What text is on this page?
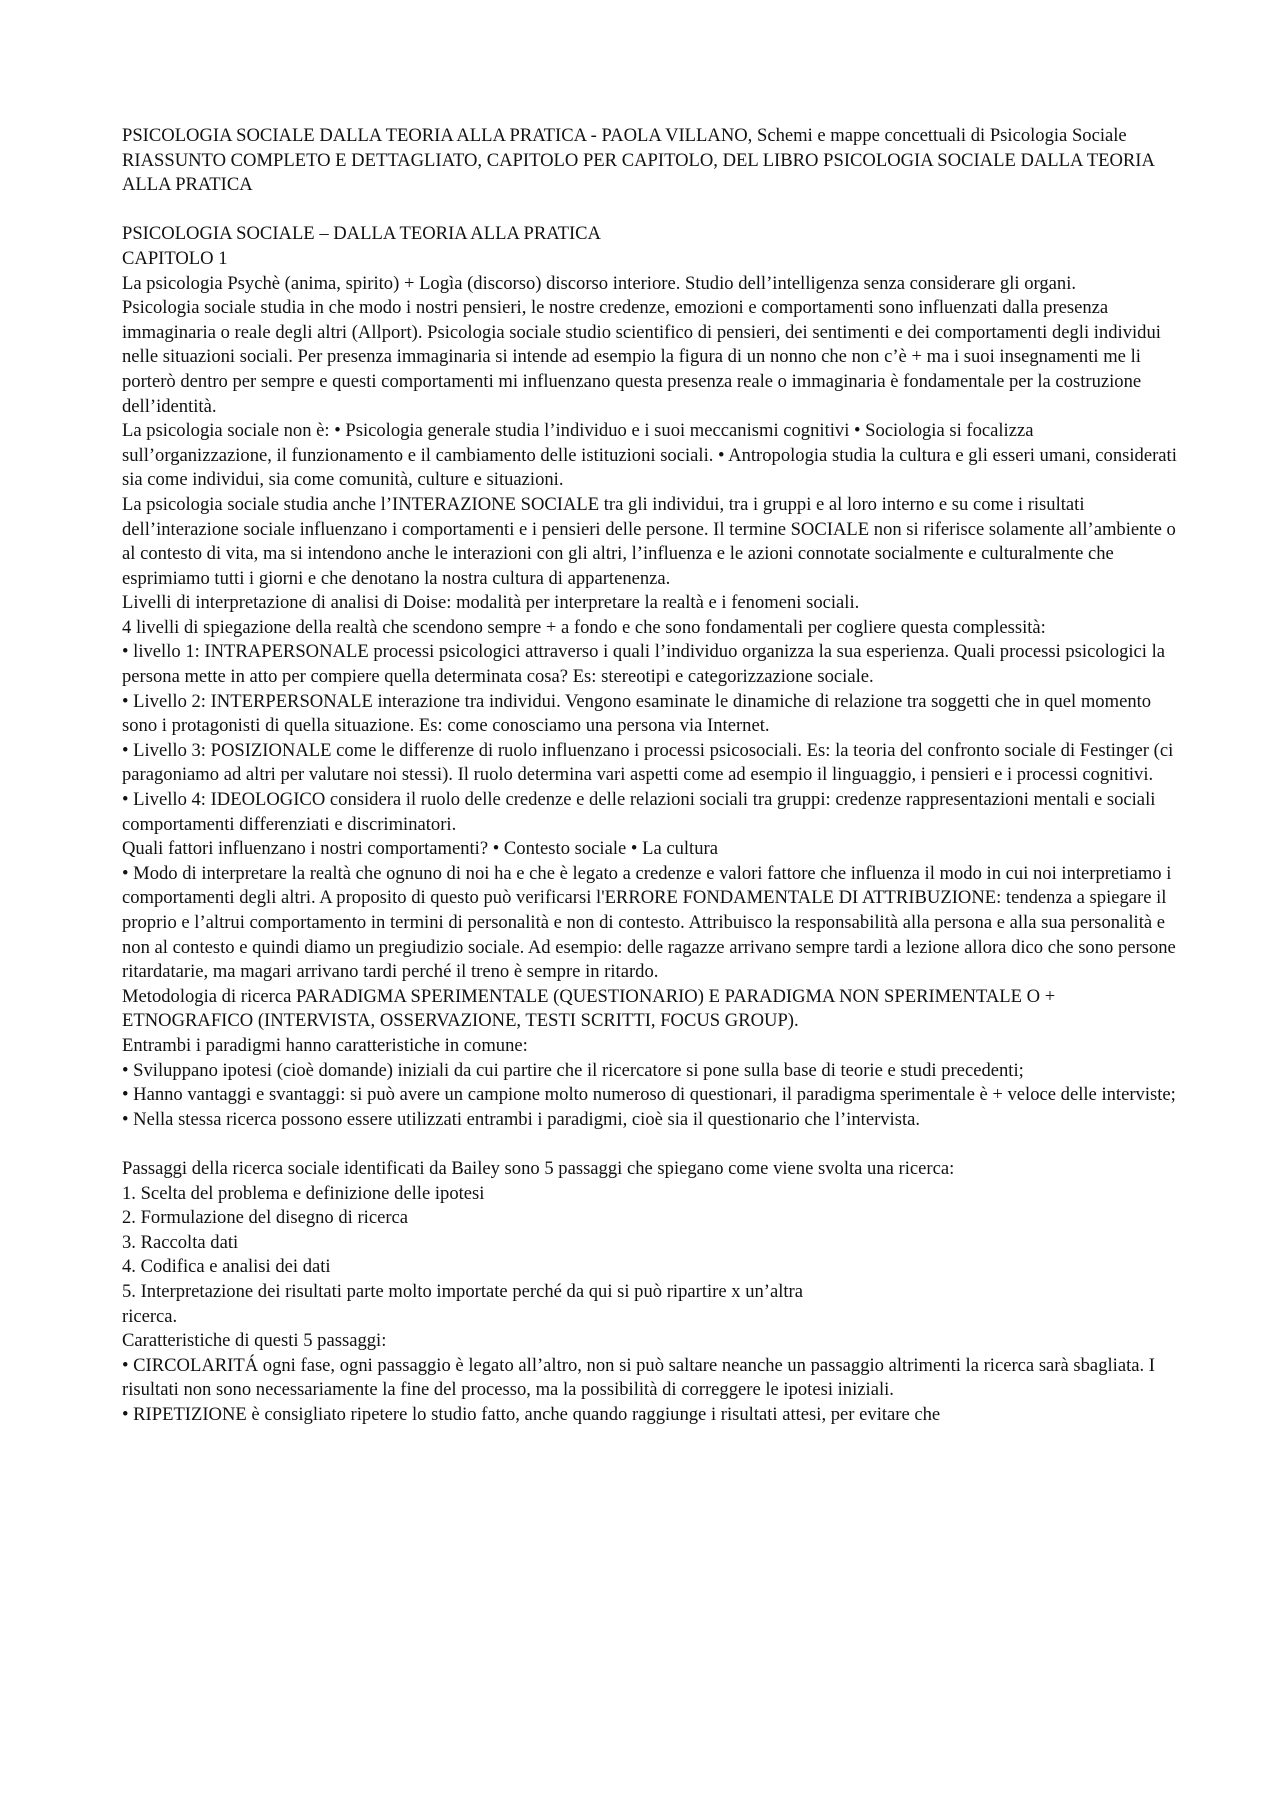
PSICOLOGIA SOCIALE DALLA TEORIA ALLA PRATICA - PAOLA VILLANO, Schemi e mappe concettuali di Psicologia Sociale

RIASSUNTO COMPLETO E DETTAGLIATO, CAPITOLO PER CAPITOLO, DEL LIBRO PSICOLOGIA SOCIALE DALLA TEORIA ALLA PRATICA

PSICOLOGIA SOCIALE – DALLA TEORIA ALLA PRATICA

CAPITOLO 1

La psicologia Psychè (anima, spirito) + Logìa (discorso) discorso interiore. Studio dell’intelligenza senza considerare gli organi.

Psicologia sociale studia in che modo i nostri pensieri, le nostre credenze, emozioni e comportamenti sono influenzati dalla presenza immaginaria o reale degli altri (Allport). Psicologia sociale studio scientifico di pensieri, dei sentimenti e dei comportamenti degli individui nelle situazioni sociali. Per presenza immaginaria si intende ad esempio la figura di un nonno che non c’è + ma i suoi insegnamenti me li porterò dentro per sempre e questi comportamenti mi influenzano questa presenza reale o immaginaria è fondamentale per la costruzione dell’identità.

La psicologia sociale non è: • Psicologia generale studia l’individuo e i suoi meccanismi cognitivi • Sociologia si focalizza sull’organizzazione, il funzionamento e il cambiamento delle istituzioni sociali. • Antropologia studia la cultura e gli esseri umani, considerati sia come individui, sia come comunità, culture e situazioni.

La psicologia sociale studia anche l’INTERAZIONE SOCIALE tra gli individui, tra i gruppi e al loro interno e su come i risultati dell’interazione sociale influenzano i comportamenti e i pensieri delle persone. Il termine SOCIALE non si riferisce solamente all’ambiente o al contesto di vita, ma si intendono anche le interazioni con gli altri, l’influenza e le azioni connotate socialmente e culturalmente che esprimiamo tutti i giorni e che denotano la nostra cultura di appartenenza.

Livelli di interpretazione di analisi di Doise: modalità per interpretare la realtà e i fenomeni sociali.

4 livelli di spiegazione della realtà che scendono sempre + a fondo e che sono fondamentali per cogliere questa complessità:

• livello 1: INTRAPERSONALE processi psicologici attraverso i quali l’individuo organizza la sua esperienza. Quali processi psicologici la persona mette in atto per compiere quella determinata cosa? Es: stereotipi e categorizzazione sociale.

• Livello 2: INTERPERSONALE interazione tra individui. Vengono esaminate le dinamiche di relazione tra soggetti che in quel momento sono i protagonisti di quella situazione. Es: come conosciamo una persona via Internet.

• Livello 3: POSIZIONALE come le differenze di ruolo influenzano i processi psicosociali. Es: la teoria del confronto sociale di Festinger (ci paragoniamo ad altri per valutare noi stessi). Il ruolo determina vari aspetti come ad esempio il linguaggio, i pensieri e i processi cognitivi.

• Livello 4: IDEOLOGICO considera il ruolo delle credenze e delle relazioni sociali tra gruppi: credenze rappresentazioni mentali e sociali comportamenti differenziati e discriminatori.

Quali fattori influenzano i nostri comportamenti? • Contesto sociale • La cultura

• Modo di interpretare la realtà che ognuno di noi ha e che è legato a credenze e valori fattore che influenza il modo in cui noi interpretiamo i comportamenti degli altri. A proposito di questo può verificarsi l'ERRORE FONDAMENTALE DI ATTRIBUZIONE: tendenza a spiegare il proprio e l’altrui comportamento in termini di personalità e non di contesto. Attribuisco la responsabilità alla persona e alla sua personalità e non al contesto e quindi diamo un pregiudizio sociale. Ad esempio: delle ragazze arrivano sempre tardi a lezione allora dico che sono persone ritardatarie, ma magari arrivano tardi perché il treno è sempre in ritardo.

Metodologia di ricerca PARADIGMA SPERIMENTALE (QUESTIONARIO) E PARADIGMA NON SPERIMENTALE O + ETNOGRAFICO (INTERVISTA, OSSERVAZIONE, TESTI SCRITTI, FOCUS GROUP).

Entrambi i paradigmi hanno caratteristiche in comune:

• Sviluppano ipotesi (cioè domande) iniziali da cui partire che il ricercatore si pone sulla base di teorie e studi precedenti;

• Hanno vantaggi e svantaggi: si può avere un campione molto numeroso di questionari, il paradigma sperimentale è + veloce delle interviste;

• Nella stessa ricerca possono essere utilizzati entrambi i paradigmi, cioè sia il questionario che l’intervista.

Passaggi della ricerca sociale identificati da Bailey sono 5 passaggi che spiegano come viene svolta una ricerca:

1. Scelta del problema e definizione delle ipotesi

2. Formulazione del disegno di ricerca

3. Raccolta dati

4. Codifica e analisi dei dati

5. Interpretazione dei risultati parte molto importate perché da qui si può ripartire x un’altra

ricerca.

Caratteristiche di questi 5 passaggi:

• CIRCOLARITÁ ogni fase, ogni passaggio è legato all’altro, non si può saltare neanche un passaggio altrimenti la ricerca sarà sbagliata. I risultati non sono necessariamente la fine del processo, ma la possibilità di correggere le ipotesi iniziali.

• RIPETIZIONE è consigliato ripetere lo studio fatto, anche quando raggiunge i risultati attesi, per evitare che
